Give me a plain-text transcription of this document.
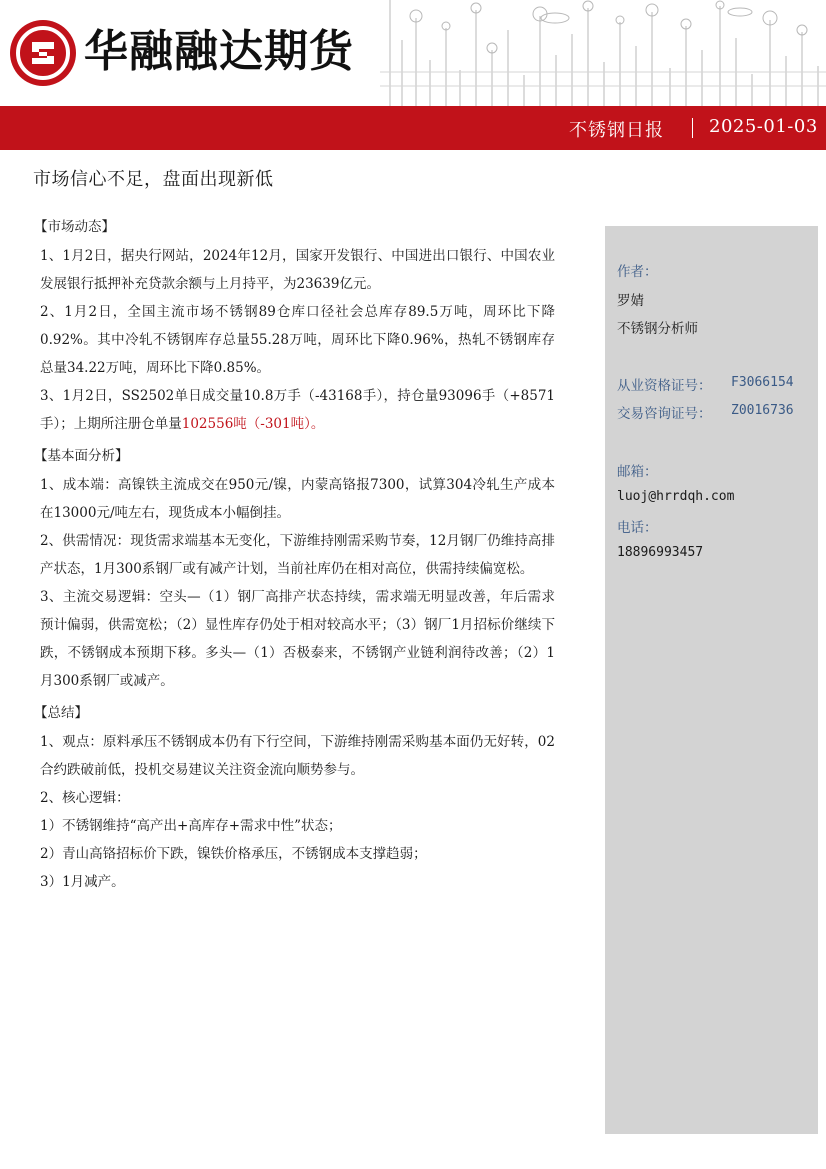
华融融达期货
不锈钢日报	2025-01-03
市场信心不足，盘面出现新低
【市场动态】

1、1月2日，据央行网站，2024年12月，国家开发银行、中国进出口银行、中国农业发展银行抵押补充贷款余额与上月持平，为23639亿元。

2、1月2日，全国主流市场不锈钢89仓库口径社会总库存89.5万吨，周环比下降0.92%。其中冷轧不锈钢库存总量55.28万吨，周环比下降0.96%，热轧不锈钢库存总量34.22万吨，周环比下降0.85%。

3、1月2日，SS2502单日成交量10.8万手（-43168手），持仓量93096手（+8571手）；上期所注册仓单量102556吨（-301吨）。

【基本面分析】

1、成本端：高镍铁主流成交在950元/镍，内蒙高铬报7300，试算304冷轧生产成本在13000元/吨左右，现货成本小幅倒挂。

2、供需情况：现货需求端基本无变化，下游维持刚需采购节奏，12月钢厂仍维持高排产状态，1月300系钢厂或有减产计划，当前社库仍在相对高位，供需持续偏宽松。

3、主流交易逻辑：空头—（1）钢厂高排产状态持续，需求端无明显改善，年后需求预计偏弱，供需宽松；（2）显性库存仍处于相对较高水平；（3）钢厂1月招标价继续下跌，不锈钢成本预期下移。多头—（1）否极泰来，不锈钢产业链利润待改善；（2）1月300系钢厂或减产。

【总结】

1、观点：原料承压不锈钢成本仍有下行空间，下游维持刚需采购基本面仍无好转，02合约跌破前低，投机交易建议关注资金流向顺势参与。

2、核心逻辑：

1）不锈钢维持“高产出+高库存+需求中性”状态；

2）青山高铬招标价下跌，镍铁价格承压，不锈钢成本支撑趋弱；

3）1月减产。

作者：
罗婧
不锈钢分析师
从业资格证号： F3066154
交易咨询证号： Z0016736
邮箱：
luoj@hrrdqh.com
电话：
18896993457
